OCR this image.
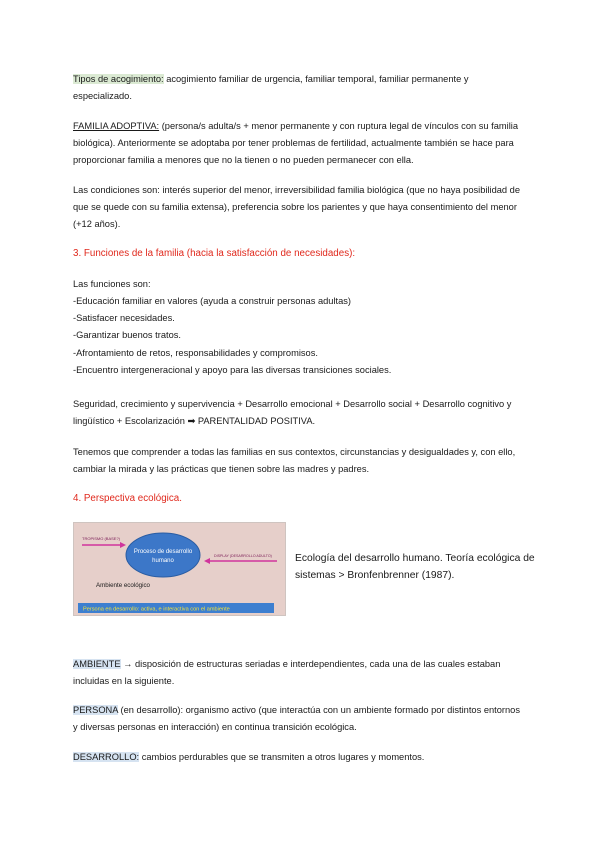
Tipos de acogimiento: acogimiento familiar de urgencia, familiar temporal, familiar permanente y especializado.

FAMILIA ADOPTIVA: (persona/s adulta/s + menor permanente y con ruptura legal de vínculos con su familia biológica). Anteriormente se adoptaba por tener problemas de fertilidad, actualmente también se hace para proporcionar familia a menores que no la tienen o no pueden permanecer con ella.

Las condiciones son: interés superior del menor, irreversibilidad familia biológica (que no haya posibilidad de que se quede con su familia extensa), preferencia sobre los parientes y que haya consentimiento del menor (+12 años).

3. Funciones de la familia (hacia la satisfacción de necesidades):

Las funciones son:

-Educación familiar en valores (ayuda a construir personas adultas)

-Satisfacer necesidades.

-Garantizar buenos tratos.

-Afrontamiento de retos, responsabilidades y compromisos.

-Encuentro intergeneracional y apoyo para las diversas transiciones sociales.

Seguridad, crecimiento y supervivencia + Desarrollo emocional + Desarrollo social + Desarrollo cognitivo y lingüístico + Escolarización ➡ PARENTALIDAD POSITIVA.

Tenemos que comprender a todas las familias en sus contextos, circunstancias y desigualdades y, con ello, cambiar la mirada y las prácticas que tienen sobre las madres y padres.

4. Perspectiva ecológica.

TROPISMO (BASE?)
Proceso de desarrollo
humano
DISPLAY (DESARROLLO ADULTO)
Ambiente ecológico
Persona en desarrollo: activa, e interactiva con el ambiente
Ecología del desarrollo humano. Teoría ecológica de sistemas > Bronfenbrenner (1987).

AMBIENTE → disposición de estructuras seriadas e interdependientes, cada una de las cuales estaban incluidas en la siguiente.

PERSONA (en desarrollo): organismo activo (que interactúa con un ambiente formado por distintos entornos y diversas personas en interacción) en continua transición ecológica.

DESARROLLO: cambios perdurables que se transmiten a otros lugares y momentos.
